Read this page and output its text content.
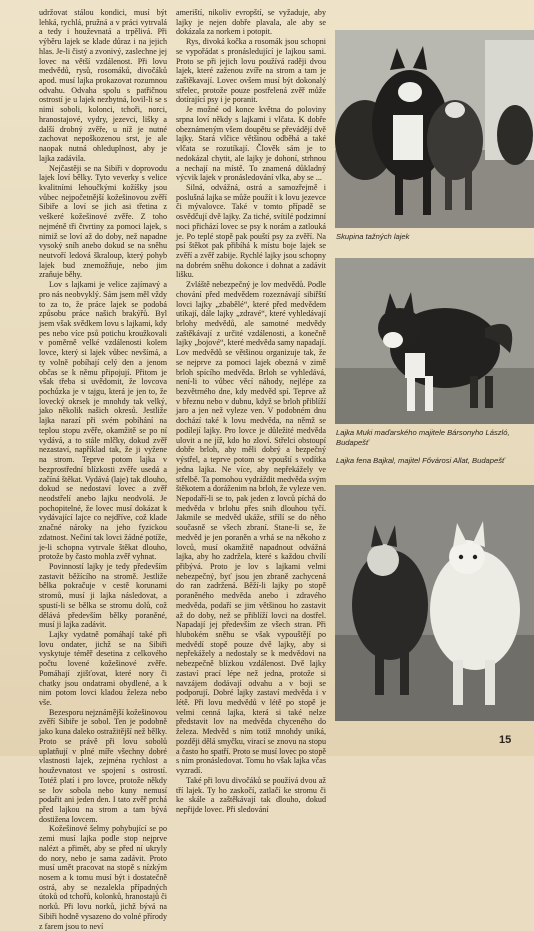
udržovat stálou kondici, musí být lehká, rychlá, pružná a v práci vytrvalá a tedy i houževnatá a trpělivá. Při výběru lajek se klade důraz i na jejich hlas. Je-li čistý a zvonivý, zaslechne jej lovec na větší vzdálenost. Při lovu medvědů, rysů, rosomáků, divočáků apod. musí lajka prokazovat rozumnou odvahu. Odvaha spolu s patřičnou ostrostí je u lajek nezbytná, lovil-li se s nimi soboli, kolonci, tchoři, norci, hranostajové, vydry, jezevci, lišky a další drobný zvěře, u níž je nutné zachovat nepoškozenou srst, je ale naopak nutná ohleduplnost, aby je lajka zadávila.

Nejčastěji se na Sibiři v doprovodu lajek loví bělky. Tyto veverky s velice kvalitními lehoučkými kožíšky jsou vůbec nejpočetnější kožešinovou zvěří Sibiře a loví se jich asi třetina z veškeré kožešinové zvěře. Z toho nejméně tři čtvrtiny za pomoci lajek, s nimiž se loví až do doby, než napadne vysoký sníh anebo dokud se na sněhu neutvoří ledová škraloup, který pohyb lajek bud znemožňuje, nebo jim zraňuje běhy.

Lov s lajkami je velice zajímavý a pro nás neobvyklý. Sám jsem měl vždy to za to, že práce lajek se podobá způsobu práce našich brakýřů. Byl jsem však svědkem lovu s lajkami, kdy pes nebo více psů potichu kroužkovali v poměrně velké vzdálenosti kolem lovce, který si lajek vůbec nevšímá, a ty volně pobíhají celý den a jenom občas se k němu připojují. Přitom je však třeba si uvědomit, že lovcova pochůzka je v tajgu, která je jen to, že lovecký okrsek je mnohdy tak velký, jako několik našich okresů. Jestliže lajka narazí při svém pobíhání na teplou stopu zvěře, okamžitě se po ní vydává, a to stále mlčky, dokud zvěř nezastaví, například tak, že ji vyžene na strom. Teprve potom lajka v bezprostřední blízkosti zvěře usedá a začíná štěkat. Vydává (laje) tak dlouho, dokud se nedostaví lovec a zvěř neodstřelí anebo lajku neodvolá. Je pochopitelné, že lovec musí dokázat k vydávající lajce co nejdříve, což klade značné nároky na jeho fyzickou zdatnost. Nečiní tak lovci žádné potíže, je-li schopna vytrvale štěkat dlouho, protože by často mohla zvěř vyhnat.

Povinností lajky je tedy především zastavit běžícího na stromě. Jestliže bělka pokračuje v cestě korunami stromů, musí ji lajka následovat, a spustí-li se bělka se stromu dolů, což dělává především bělky poraněné, musí ji lajka zadávit.

Lajky vydatně pomáhají také při lovu ondater, jichž se na Sibiři vyskytuje téměř desetina z celkového počtu lovené kožešinové zvěře. Pomáhají zjišťovat, které nory či chatky jsou ondatrami obydlené, a k nim potom lovci kladou železa nebo vše.

Bezesporu nejznámější kožešinovou zvěří Sibiře je sobol. Ten je podobně jako kuna daleko ostražitější než bělky. Proto se právě při lovu sobolů uplatňují v plné míře všechny dobré vlastnosti lajek, zejména rychlost a houževnatost ve spojení s ostrostí. Totéž platí i pro lovce, protože někdy se lov sobola nebo kuny nemusí podařit ani jeden den. I tato zvěř prchá před lajkou na strom a tam bývá dostižena lovcem.

Kožešinové šelmy pohybující se po zemi musí lajka podle stop nejprve nalézt a přimět, aby se před ní ukryly do nory, nebo je sama zadávit. Proto musí umět pracovat na stopě s nízkým nosem a k tomu musí být i dostatečně ostrá, aby se nezalekla případných útoků od tchořů, kolonků, hranostajů či norků. Při lovu norků, jichž bývá na Sibiři hodně vysazeno do volné přírody z farem jsou to neví

ameriští, nikoliv evropští, se vyžaduje, aby lajky je nejen dobře plavala, ale aby se dokázala za norkem i potopit.

Rys, divoká kočka a rosomák jsou schopni se vypořádat s pronásledující je lajkou sami. Proto se při jejich lovu používá raději dvou lajek, které zaženou zvíře na strom a tam je zaštěkavají. Lovec ovšem musí být dokonalý střelec, protože pouze postřelená zvěř může dotírající psy i je poranit.

Je možné od konce května do poloviny srpna loví někdy s lajkami i vlčata. K dobře obeznámeným všem doupětu se převádějí dvě lajky. Stará vlčice většinou odběhá a také vlčata se rozutíkají. Člověk sám je to nedokázal chytit, ale lajky je dohoní, strhnou a nechají na místě. To znamená důkladný výcvik lajek v pronásledování vlka, aby se ...

Silná, odvážná, ostrá a samozřejmě i poslušná lajka se může použít i k lovu jezevce či mývalovce. Také v tomto případě se osvědčují dvě lajky. Za tiché, svítilé podzimní noci přichází lovec se psy k norám a zatlouká je. Po teplé stopě pak pouští psy za zvěří. Na psí štěkot pak přibíhá k místu boje lajek se zvěří a zvěř zabije. Rychlé lajky jsou schopny na dobrém sněhu dokonce i dohnat a zadávit lišku.

Zvláště nebezpečný je lov medvědů. Podle chování před medvědem rozeznávají sibiřští lovci lajky „zbabělé“, které před medvědem utíkají, dále lajky „zdravé“, které vyhledávají brlohy medvědů, ale samotné medvědy zaštěkávají z určité vzdálenosti, a konečně lajky „bojové“, které medvěda samy napadají. Lov medvědů se většinou organizuje tak, že se nejprve za pomoci lajek obezná v zimě brloh spícího medvěda. Brloh se vyhledává, není-li to vůbec věcí náhody, nejlépe za bezvětrného dne, kdy medvěd spí. Teprve až v březnu nebo v dubnu, když se brloh přiblíží jaro a jen než vyleze ven. V podobném dnu dochází také k lovu medvěda, na němž se podílejí lajky. Pro lovce je důležité medvěda ulovit a ne jíž, kdo ho zloví. Střelci obstoupí dobře brloh, aby měli dobrý a bezpečný výstřel, a teprve potom se vpouští s vodítka jedna lajka. Ne více, aby nepřekážely ve střelbě. Ta pomohou vydráždit medvěda svým štěkotem a doráženim na brloh, že vyleze ven. Nepodaří-li se to, pak jeden z lovců píchá do medvěda v brlohu přes snih dlouhou tyčí. Jakmile se medvěd ukáže, střílí se do něho současně se všech zbraní. Stane-li se, že medvěd je jen poraněn a vrhá se na někoho z lovců, musí okamžitě napadnout odvážná lajka, aby ho zadržela, které s každou chvílí přibývá. Proto je lov s lajkami velmi nebezpečný, byť jsou jen zbraně zachycená do ran zadržená. Běží-li lajky po stopě poraněného medvěda anebo i zdravého medvěda, podaří se jim většinou ho zastavit až do doby, než se přiblíží lovci na dostřel. Napadají jej především ze všech stran. Při hlubokém sněhu se však vypouštějí po medvědí stopě pouze dvě lajky, aby si nepřekážely a nedostaly se k medvědovi na nebezpečně blízkou vzdálenost. Dvě lajky zastaví prací lépe než jedna, protože si navzájem dodávají odvahu a v boji se podporují. Dobré lajky zastaví medvěda i v létě. Při lovu medvědů v létě po stopě je velmi cenná lajka, která si také nelze představit lov na medvěda chyceného do železa. Medvěd s ním totiž mnohdy uniká, později dělá smyčku, virací se znovu na stopu a často ho spatří. Proto se musí lovec po stopě s ním pronásledovat. Tomu ho však lajka včas vyzradí.

Také při lovu divočáků se používá dvou až tří lajek. Ty ho zaskočí, zatlačí ke stromu či ke skále a zaštěkávají tak dlouho, dokud nepřijde lovec. Při sledování

Skupina tažných lajek
Lajka Muki maďarského majitele Bársonyho László, Budapešť
Lajka fena Bajkal, majitel Fővárosi Allat, Budapešť
15
